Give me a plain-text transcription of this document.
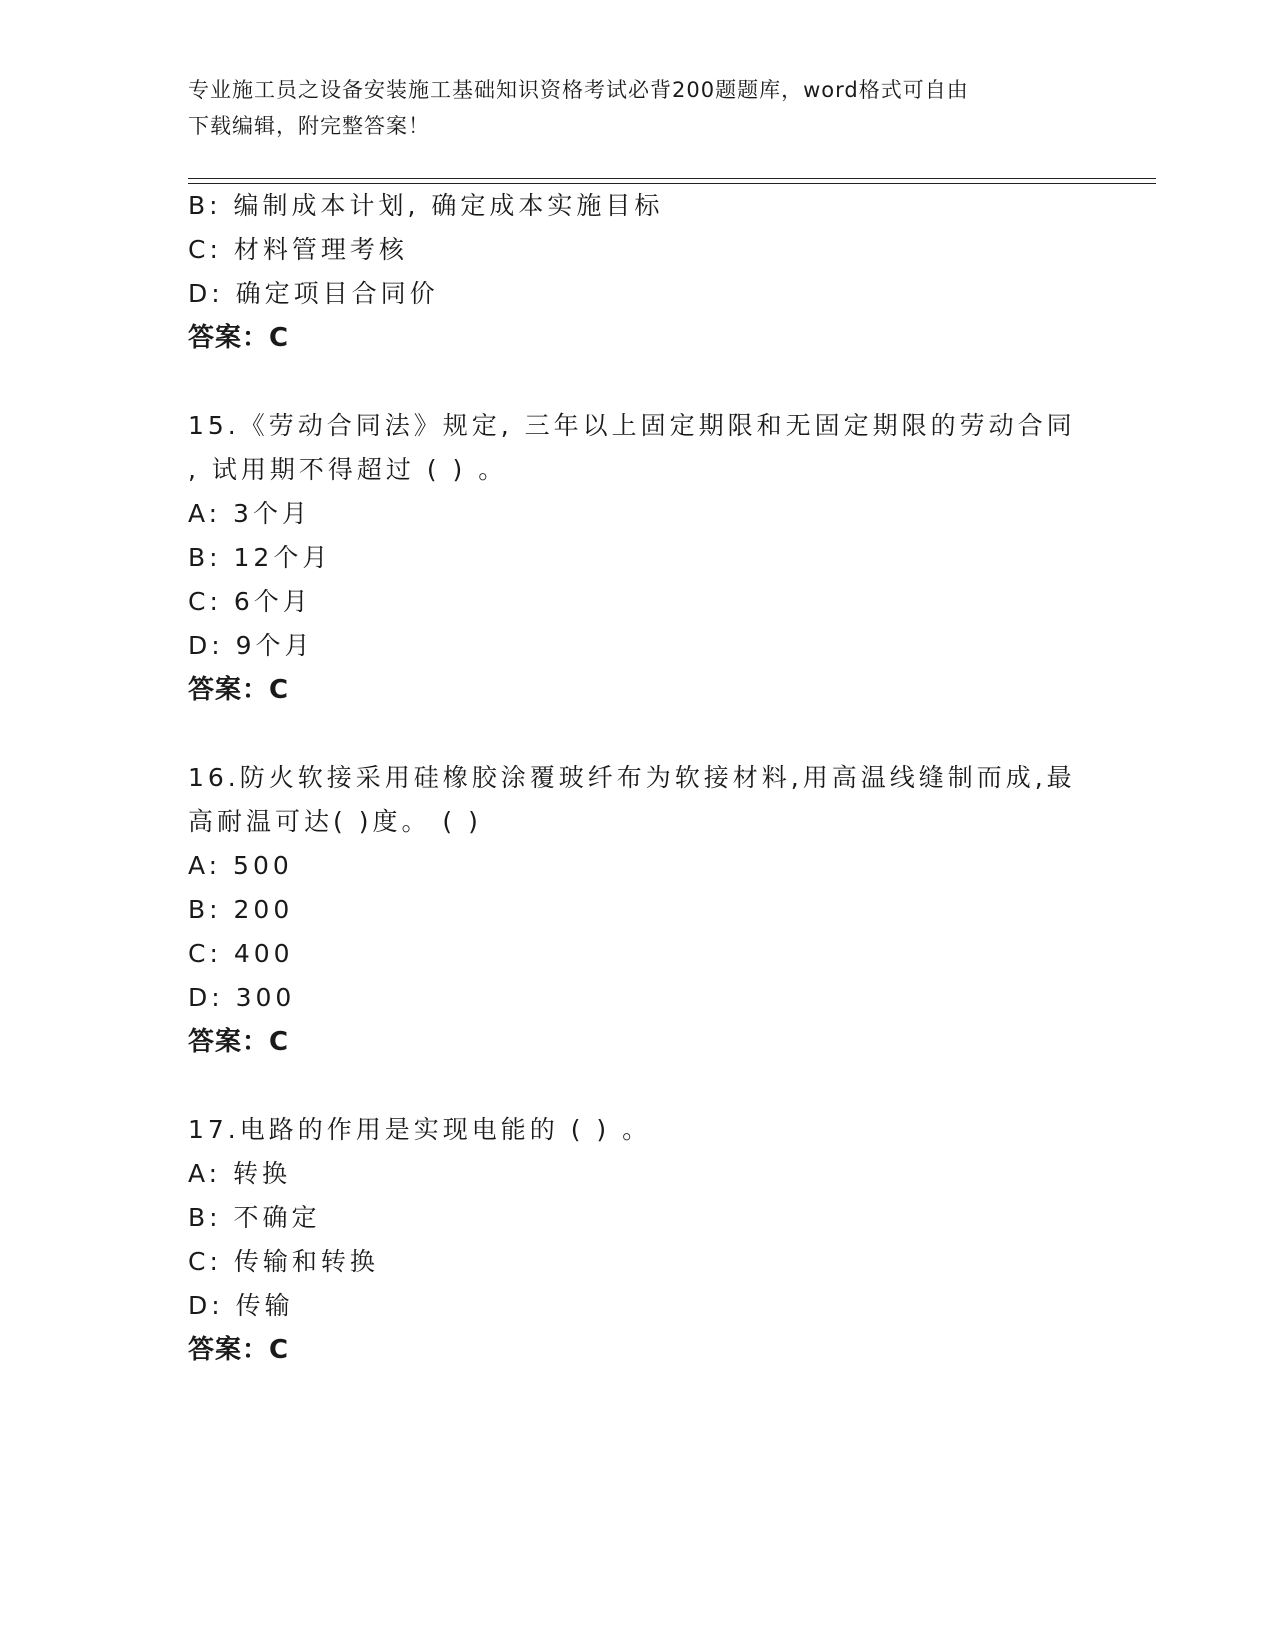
专业施工员之设备安装施工基础知识资格考试必背200题题库，word格式可自由
下载编辑，附完整答案！
B: 编制成本计划, 确定成本实施目标
C: 材料管理考核
D: 确定项目合同价
答案：C
15.《劳动合同法》规定, 三年以上固定期限和无固定期限的劳动合同
, 试用期不得超过 ( ) 。
A: 3个月
B: 12个月
C: 6个月
D: 9个月
答案：C
16.防火软接采用硅橡胶涂覆玻纤布为软接材料,用高温线缝制而成,最
高耐温可达( )度。 ( )
A: 500
B: 200
C: 400
D: 300
答案：C
17.电路的作用是实现电能的 ( ) 。
A: 转换
B: 不确定
C: 传输和转换
D: 传输
答案：C
